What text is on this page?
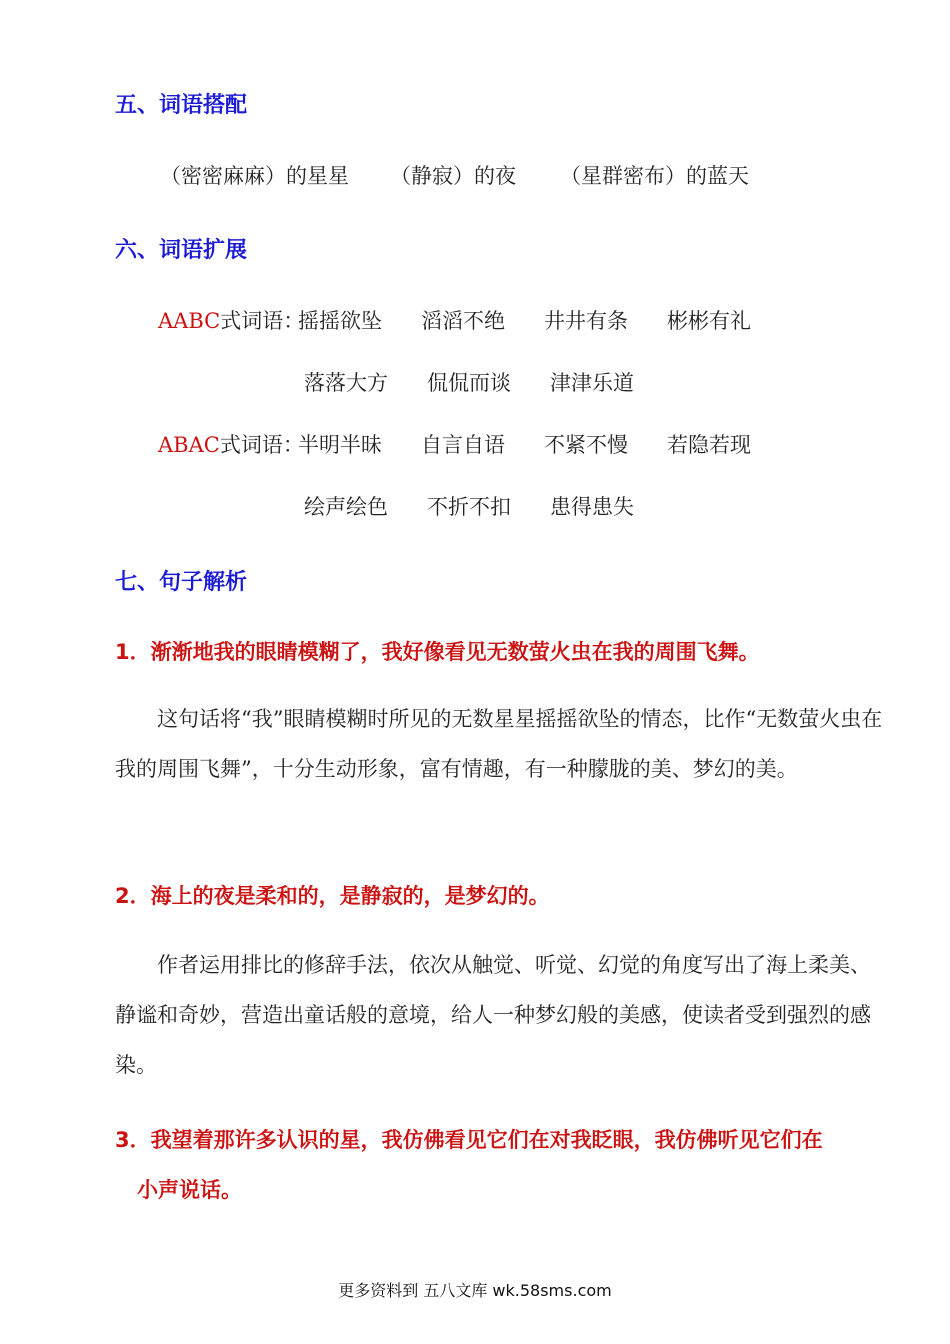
五、词语搭配
（密密麻麻）的星星 （静寂）的夜 （星群密布）的蓝天
六、词语扩展
AABC式词语：
摇摇欲坠 滔滔不绝 井井有条 彬彬有礼
落落大方 侃侃而谈 津津乐道
ABAC式词语：
半明半昧 自言自语 不紧不慢 若隐若现
绘声绘色 不折不扣 患得患失
七、句子解析
1．渐渐地我的眼睛模糊了，我好像看见无数萤火虫在我的周围飞舞。
这句话将“我”眼睛模糊时所见的无数星星摇摇欲坠的情态，比作“无数萤火虫在我的周围飞舞”，十分生动形象，富有情趣，有一种朦胧的美、梦幻的美。
2．海上的夜是柔和的，是静寂的，是梦幻的。
作者运用排比的修辞手法，依次从触觉、听觉、幻觉的角度写出了海上柔美、静谧和奇妙，营造出童话般的意境，给人一种梦幻般的美感，使读者受到强烈的感染。
3．我望着那许多认识的星，我仿佛看见它们在对我眨眼，我仿佛听见它们在
小声说话。
更多资料到 五八文库 wk.58sms.com
